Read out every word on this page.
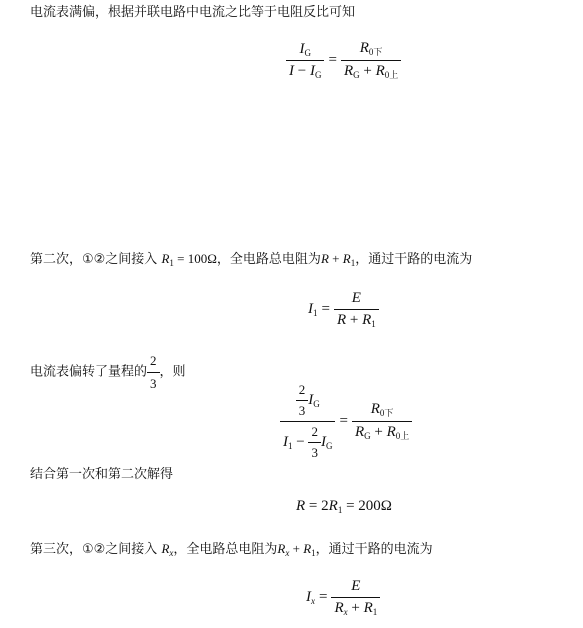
电流表满偏，根据并联电路中电流之比等于电阻反比可知
$\frac{I_G}{I - I_G} = \frac{R_{0下}}{R_G + R_{0上}}$
第二次，①②之间接入 $R_1 = 100\Omega$，全电路总电阻为$R + R_1$，通过干路的电流为
$I_1 = \frac{E}{R + R_1}$
电流表偏转了量程的 $\frac{2}{3}$ ，则
$\frac{\frac{2}{3} I_G}{I_1 - \frac{2}{3} I_G} = \frac{R_{0下}}{R_G + R_{0上}}$
结合第一次和第二次解得
$R = 2R_1 = 200\Omega$
第三次，①②之间接入 $R_x$，全电路总电阻为$R_x + R_1$，通过干路的电流为
$I_x = \frac{E}{R_x + R_1}$
